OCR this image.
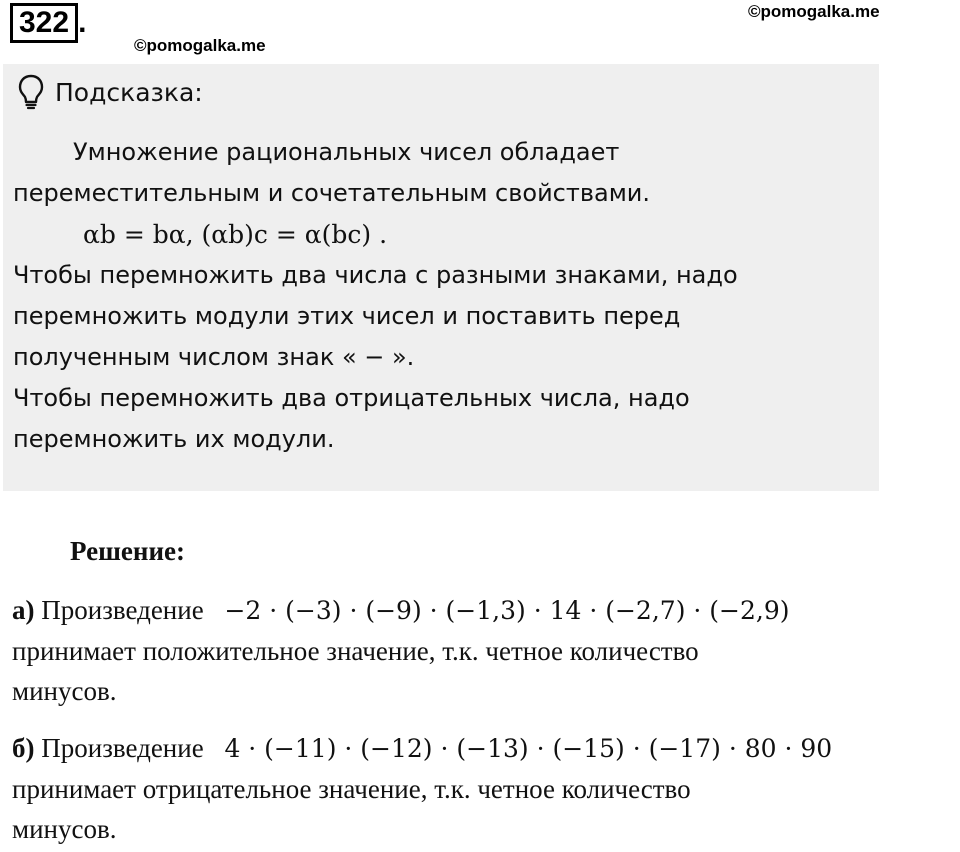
322 .	©pomogalka.me
©pomogalka.me
Подсказка:
Умножение рациональных чисел обладает
переместительным и сочетательным свойствами.
αb = bα, (αb)c = α(bc) .
Чтобы перемножить два числа с разными знаками, надо
перемножить модули этих чисел и поставить перед
полученным числом знак « − ».
Чтобы перемножить два отрицательных числа, надо
перемножить их модули.
Решение:
а) Произведение −2 · (−3) · (−9) · (−1,3) · 14 · (−2,7) · (−2,9)
принимает положительное значение, т.к. четное количество
минусов.
б) Произведение 4 · (−11) · (−12) · (−13) · (−15) · (−17) · 80 · 90
принимает отрицательное значение, т.к. четное количество
минусов.
